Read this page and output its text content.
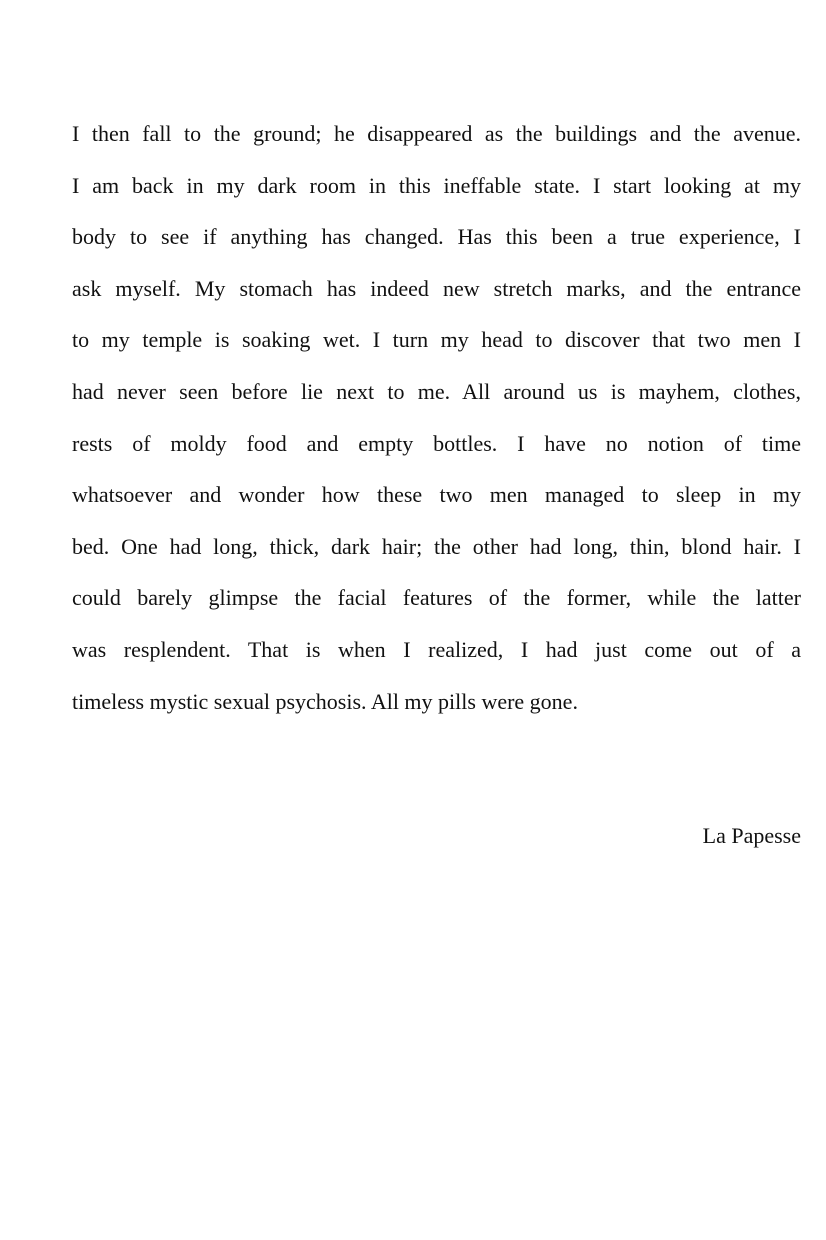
I then fall to the ground; he disappeared as the buildings and the avenue.
I am back in my dark room in this ineffable state. I start looking at my
body to see if anything has changed. Has this been a true experience, I
ask myself. My stomach has indeed new stretch marks, and the entrance
to my temple is soaking wet. I turn my head to discover that two men I
had never seen before lie next to me. All around us is mayhem, clothes,
rests of moldy food and empty bottles. I have no notion of time
whatsoever and wonder how these two men managed to sleep in my
bed. One had long, thick, dark hair; the other had long, thin, blond hair. I
could barely glimpse the facial features of the former, while the latter
was resplendent. That is when I realized, I had just come out of a
timeless mystic sexual psychosis. All my pills were gone.
La Papesse
